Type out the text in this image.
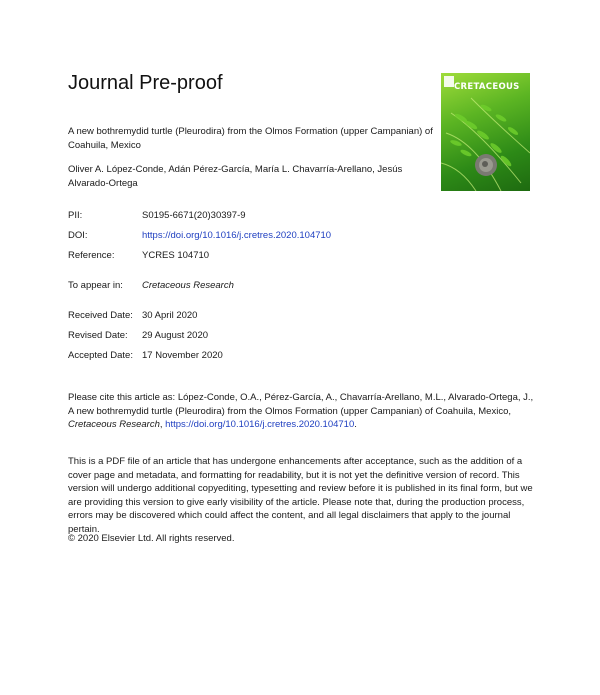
Journal Pre-proof	CRETACEOUS
A new bothremydid turtle (Pleurodira) from the Olmos Formation (upper Campanian) of Coahuila, Mexico
Oliver A. López-Conde, Adán Pérez-García, María L. Chavarría-Arellano, Jesús Alvarado-Ortega
PII:	S0195-6671(20)30397-9
DOI:	https://doi.org/10.1016/j.cretres.2020.104710
Reference:	YCRES 104710
To appear in: Cretaceous Research
Received Date: 30 April 2020
Revised Date: 29 August 2020
Accepted Date: 17 November 2020
Please cite this article as: López-Conde, O.A., Pérez-García, A., Chavarría-Arellano, M.L., Alvarado-Ortega, J., A new bothremydid turtle (Pleurodira) from the Olmos Formation (upper Campanian) of Coahuila, Mexico, Cretaceous Research, https://doi.org/10.1016/j.cretres.2020.104710.
This is a PDF file of an article that has undergone enhancements after acceptance, such as the addition of a cover page and metadata, and formatting for readability, but it is not yet the definitive version of record. This version will undergo additional copyediting, typesetting and review before it is published in its final form, but we are providing this version to give early visibility of the article. Please note that, during the production process, errors may be discovered which could affect the content, and all legal disclaimers that apply to the journal pertain.
© 2020 Elsevier Ltd. All rights reserved.
